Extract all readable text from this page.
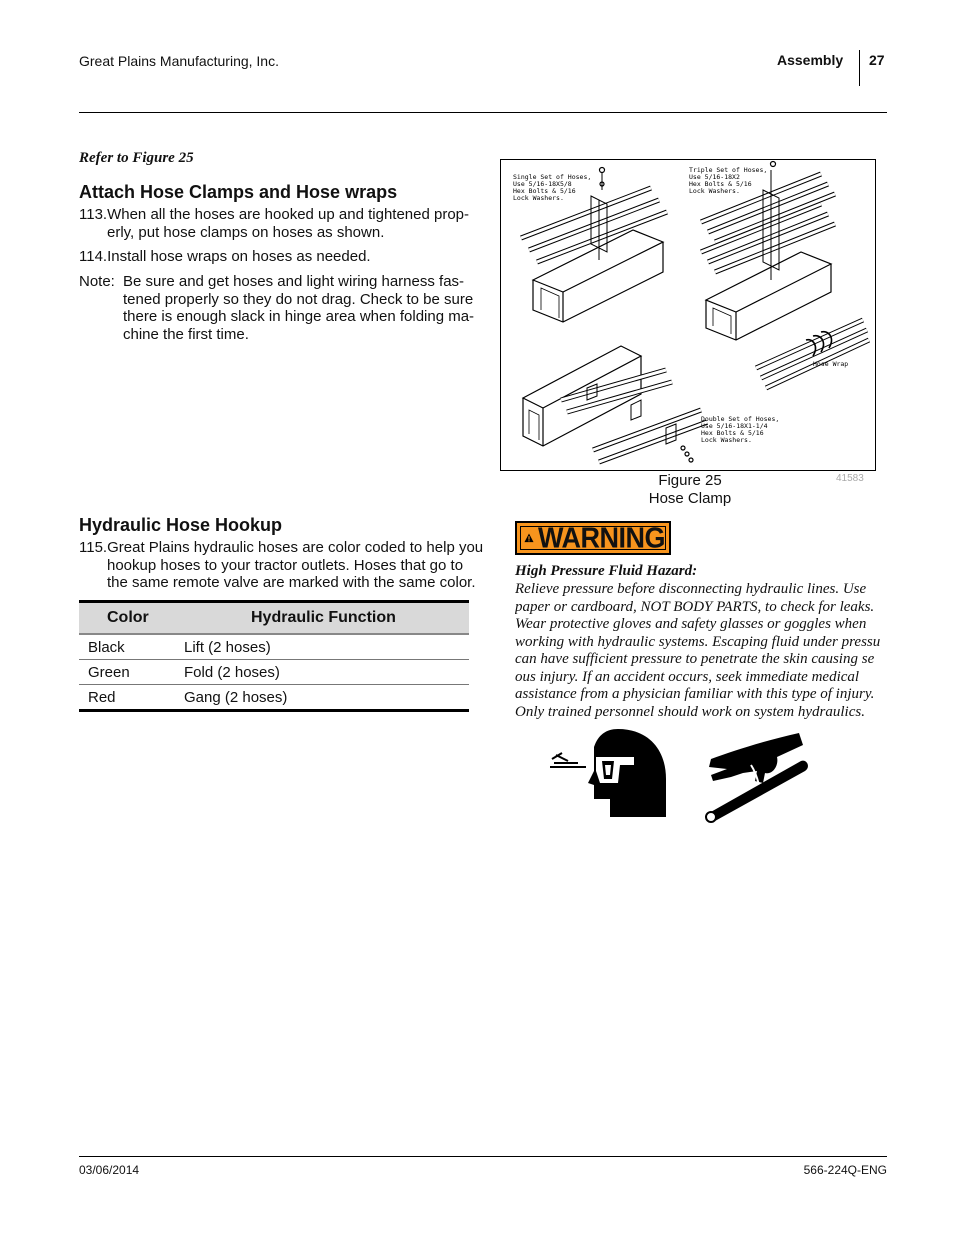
Great Plains Manufacturing, Inc.	Assembly 27
Refer to Figure 25
Attach Hose Clamps and Hose wraps
113.When all the hoses are hooked up and tightened prop-
erly, put hose clamps on hoses as shown.
114.Install hose wraps on hoses as needed.
Note: Be sure and get hoses and light wiring harness fas-
tened properly so they do not drag. Check to be sure
there is enough slack in hinge area when folding ma-
chine the first time.
Single Set of Hoses,
Use 5/16-18X5/8
Hex Bolts & 5/16
Lock Washers.
Triple Set of Hoses,
Use 5/16-18X2
Hex Bolts & 5/16
Lock Washers.
Hose Wrap
Double Set of Hoses,
Use 5/16-18X1-1/4
Hex Bolts & 5/16
Lock Washers.
Figure 25
Hose Clamp
41583
Hydraulic Hose Hookup
115.Great Plains hydraulic hoses are color coded to help you
hookup hoses to your tractor outlets. Hoses that go to
the same remote valve are marked with the same color.
Color	Hydraulic Function
Black	Lift (2 hoses)
Green	Fold (2 hoses)
Red	Gang (2 hoses)
WARNING
High Pressure Fluid Hazard:
Relieve pressure before disconnecting hydraulic lines. Use
paper or cardboard, NOT BODY PARTS, to check for leaks.
Wear protective gloves and safety glasses or goggles when
working with hydraulic systems. Escaping fluid under pressu
can have sufficient pressure to penetrate the skin causing se
ous injury. If an accident occurs, seek immediate medical
assistance from a physician familiar with this type of injury.
Only trained personnel should work on system hydraulics.
03/06/2014	566-224Q-ENG
